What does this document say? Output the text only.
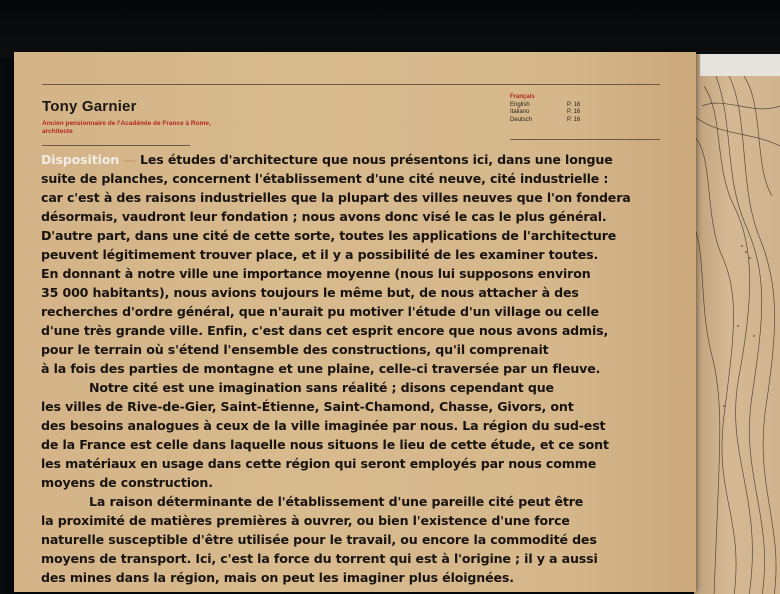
Tony Garnier
Ancien pensionnaire de l'Académie de France à Rome,
architecte
Français
English	P. 16
Italiano	P. 16
Deutsch	P. 16
Disposition — Les études d'architecture que nous présentons ici, dans une longue
suite de planches, concernent l'établissement d'une cité neuve, cité industrielle :
car c'est à des raisons industrielles que la plupart des villes neuves que l'on fondera
désormais, vaudront leur fondation ; nous avons donc visé le cas le plus général.
D'autre part, dans une cité de cette sorte, toutes les applications de l'architecture
peuvent légitimement trouver place, et il y a possibilité de les examiner toutes.
En donnant à notre ville une importance moyenne (nous lui supposons environ
35 000 habitants), nous avions toujours le même but, de nous attacher à des
recherches d'ordre général, que n'aurait pu motiver l'étude d'un village ou celle
d'une très grande ville. Enfin, c'est dans cet esprit encore que nous avons admis,
pour le terrain où s'étend l'ensemble des constructions, qu'il comprenait
à la fois des parties de montagne et une plaine, celle-ci traversée par un fleuve.
Notre cité est une imagination sans réalité ; disons cependant que
les villes de Rive-de-Gier, Saint-Étienne, Saint-Chamond, Chasse, Givors, ont
des besoins analogues à ceux de la ville imaginée par nous. La région du sud-est
de la France est celle dans laquelle nous situons le lieu de cette étude, et ce sont
les matériaux en usage dans cette région qui seront employés par nous comme
moyens de construction.
La raison déterminante de l'établissement d'une pareille cité peut être
la proximité de matières premières à ouvrer, ou bien l'existence d'une force
naturelle susceptible d'être utilisée pour le travail, ou encore la commodité des
moyens de transport. Ici, c'est la force du torrent qui est à l'origine ; il y a aussi
des mines dans la région, mais on peut les imaginer plus éloignées.
